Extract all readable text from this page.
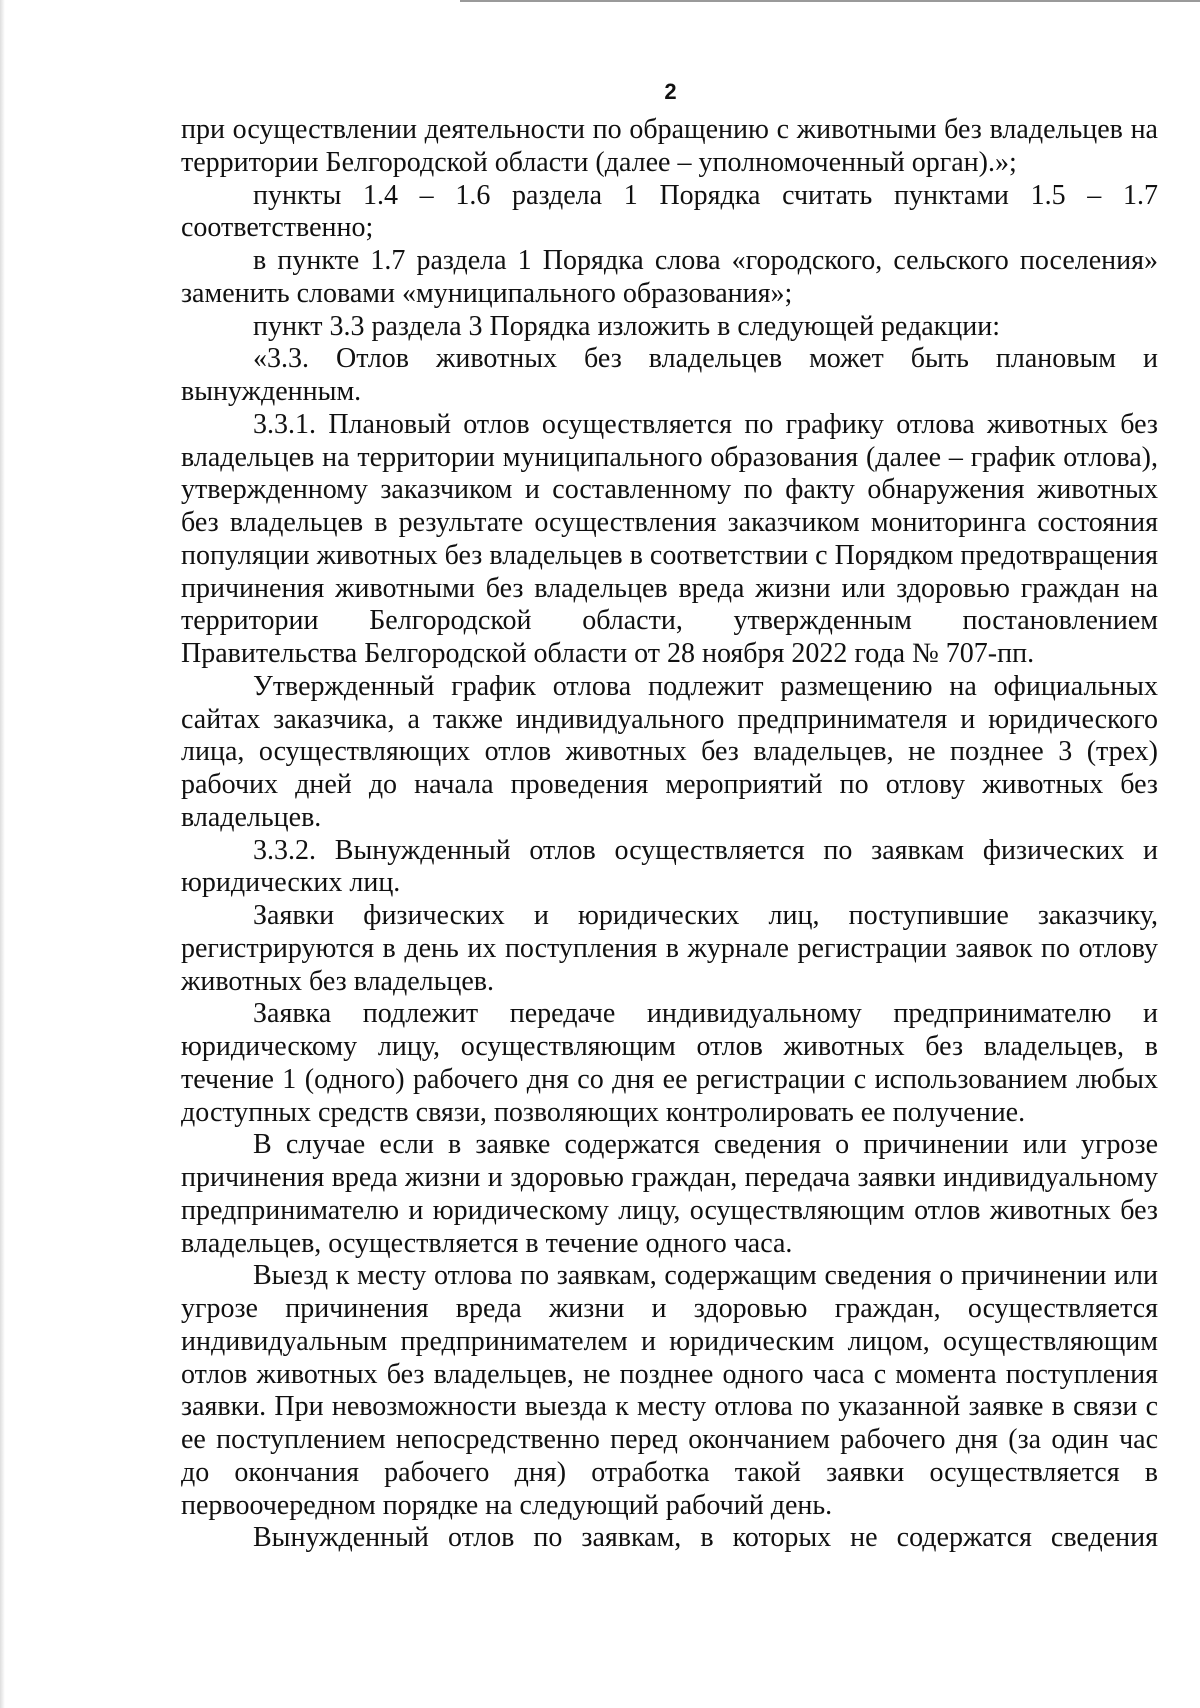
2

при осуществлении деятельности по обращению с животными без владельцев на территории Белгородской области (далее – уполномоченный орган).»;

пункты 1.4 – 1.6 раздела 1 Порядка считать пунктами 1.5 – 1.7 соответственно;

в пункте 1.7 раздела 1 Порядка слова «городского, сельского поселения» заменить словами «муниципального образования»;

пункт 3.3 раздела 3 Порядка изложить в следующей редакции:

«3.3. Отлов животных без владельцев может быть плановым и вынужденным.

3.3.1. Плановый отлов осуществляется по графику отлова животных без владельцев на территории муниципального образования (далее – график отлова), утвержденному заказчиком и составленному по факту обнаружения животных без владельцев в результате осуществления заказчиком мониторинга состояния популяции животных без владельцев в соответствии с Порядком предотвращения причинения животными без владельцев вреда жизни или здоровью граждан на территории Белгородской области, утвержденным постановлением Правительства Белгородской области от 28 ноября 2022 года № 707-пп.

Утвержденный график отлова подлежит размещению на официальных сайтах заказчика, а также индивидуального предпринимателя и юридического лица, осуществляющих отлов животных без владельцев, не позднее 3 (трех) рабочих дней до начала проведения мероприятий по отлову животных без владельцев.

3.3.2. Вынужденный отлов осуществляется по заявкам физических и юридических лиц.

Заявки физических и юридических лиц, поступившие заказчику, регистрируются в день их поступления в журнале регистрации заявок по отлову животных без владельцев.

Заявка подлежит передаче индивидуальному предпринимателю и юридическому лицу, осуществляющим отлов животных без владельцев, в течение 1 (одного) рабочего дня со дня ее регистрации с использованием любых доступных средств связи, позволяющих контролировать ее получение.

В случае если в заявке содержатся сведения о причинении или угрозе причинения вреда жизни и здоровью граждан, передача заявки индивидуальному предпринимателю и юридическому лицу, осуществляющим отлов животных без владельцев, осуществляется в течение одного часа.

Выезд к месту отлова по заявкам, содержащим сведения о причинении или угрозе причинения вреда жизни и здоровью граждан, осуществляется индивидуальным предпринимателем и юридическим лицом, осуществляющим отлов животных без владельцев, не позднее одного часа с момента поступления заявки. При невозможности выезда к месту отлова по указанной заявке в связи с ее поступлением непосредственно перед окончанием рабочего дня (за один час до окончания рабочего дня) отработка такой заявки осуществляется в первоочередном порядке на следующий рабочий день.

Вынужденный отлов по заявкам, в которых не содержатся сведения
